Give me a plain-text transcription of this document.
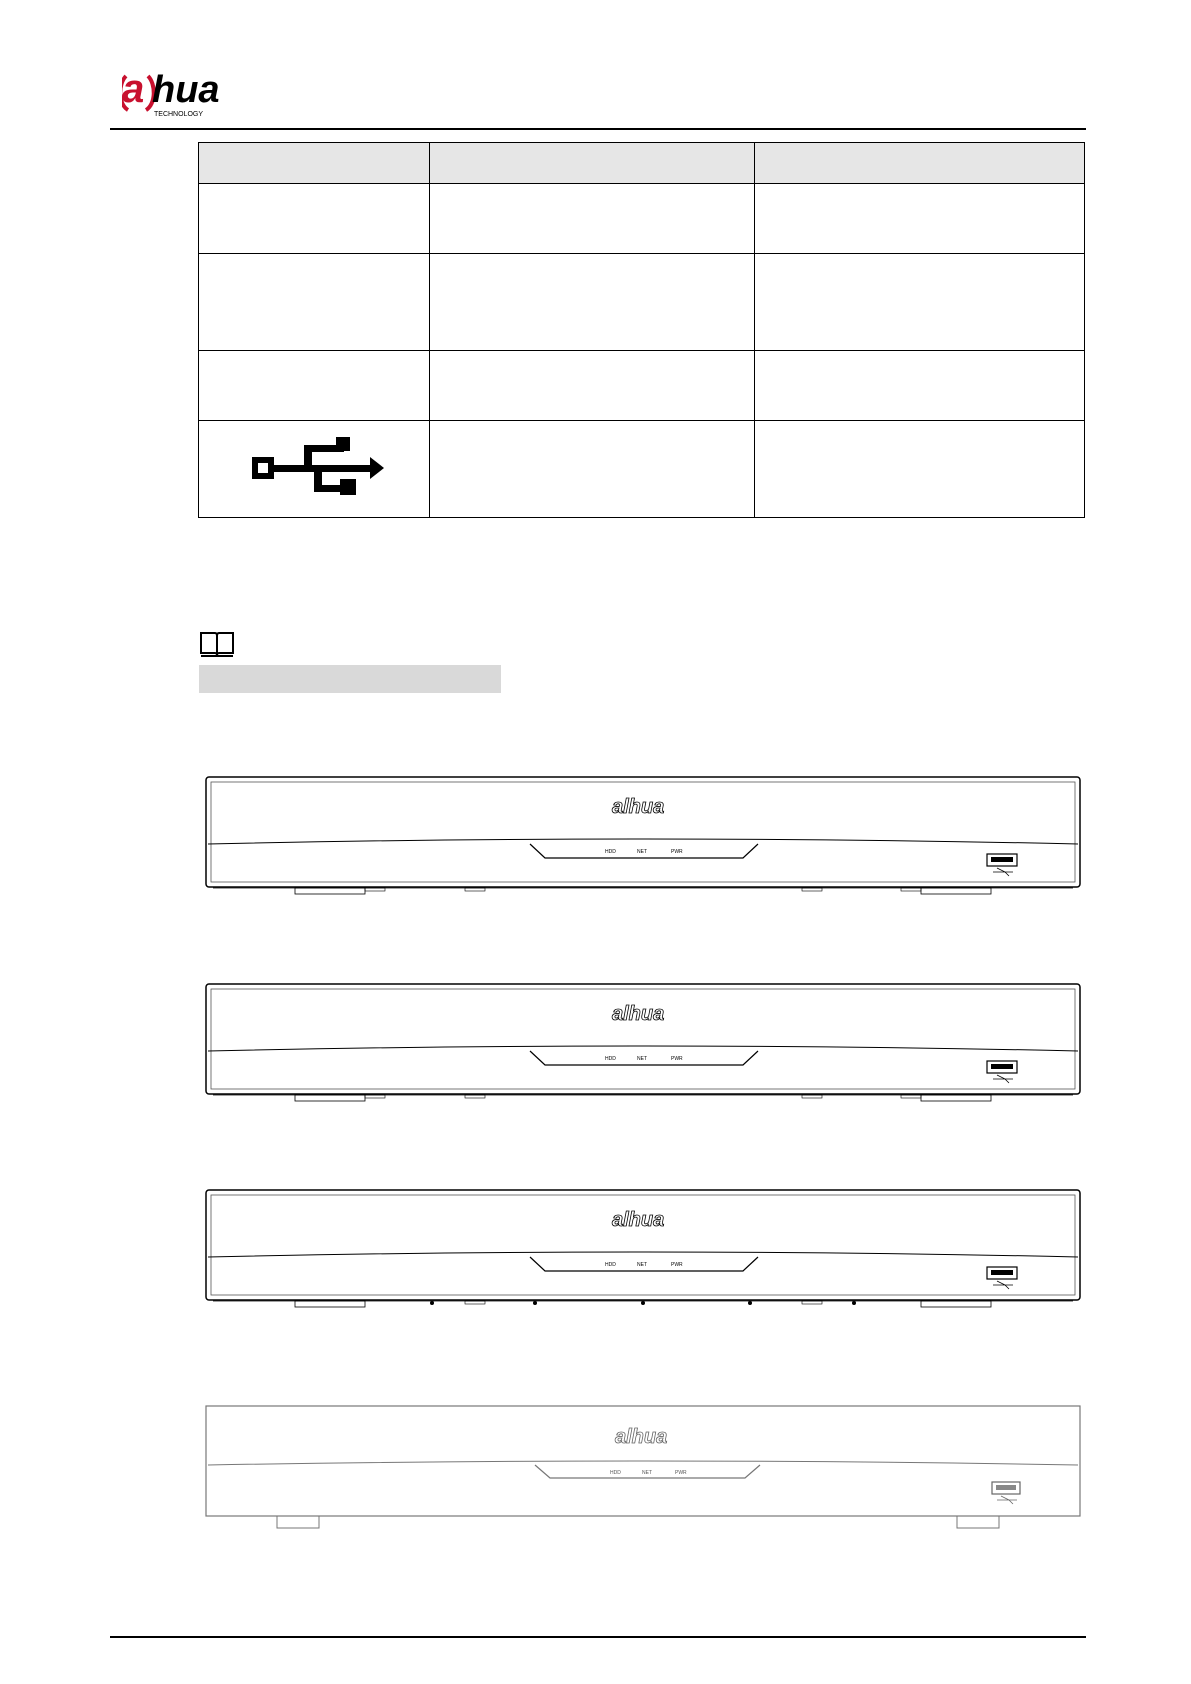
a hua
TECHNOLOGY

HDD	NET	PWR
alhua
HDD	NET	PWR
alhua
HDD	NET	PWR
alhua
HDD	NET	PWR
alhua
